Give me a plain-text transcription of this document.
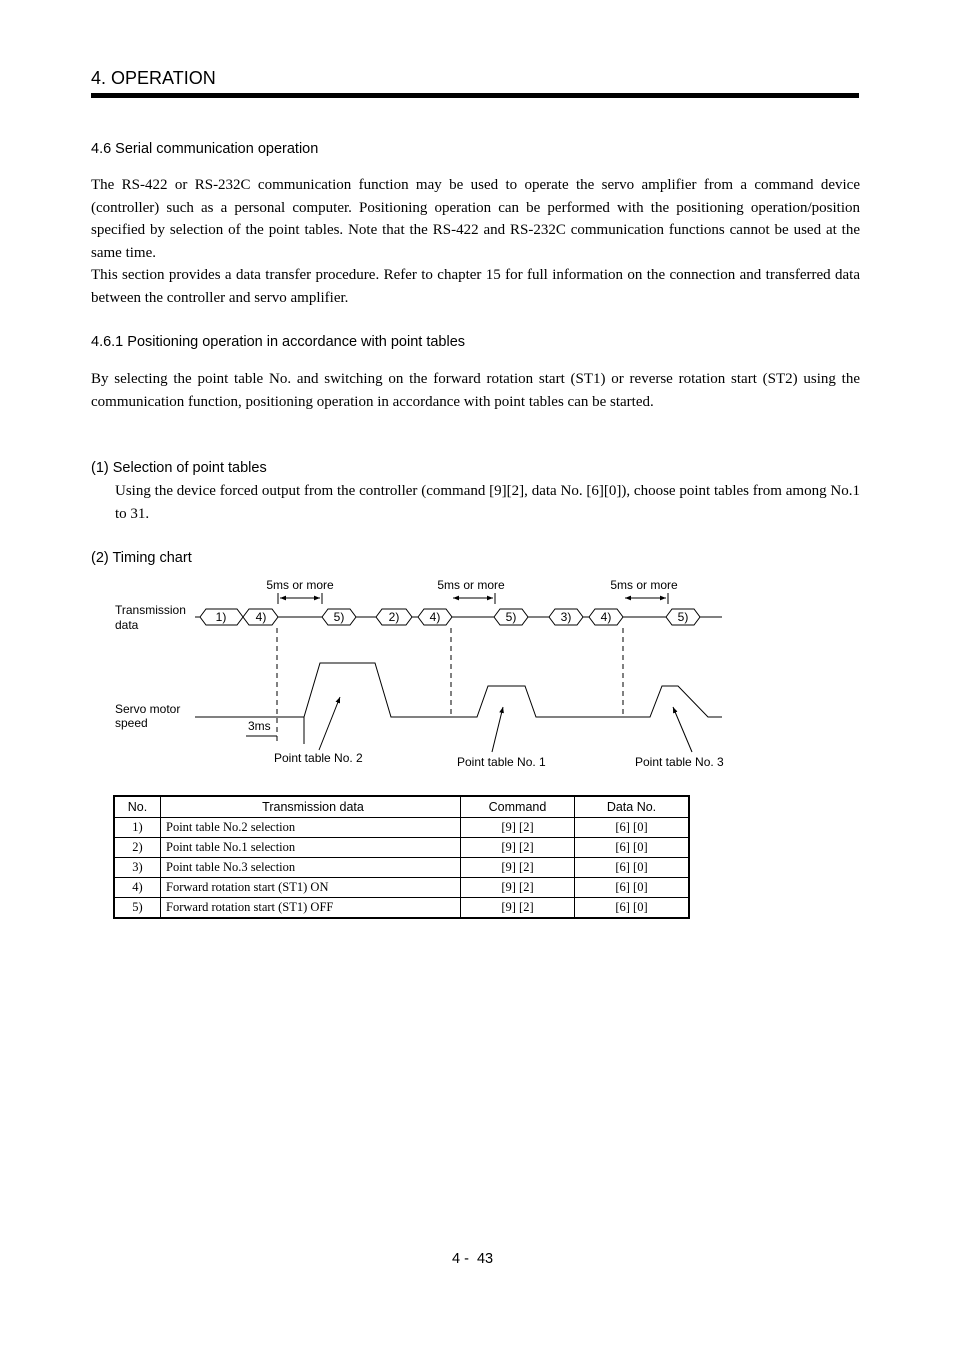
4. OPERATION
4.6 Serial communication operation

The RS-422 or RS-232C communication function may be used to operate the servo amplifier from a command device (controller) such as a personal computer. Positioning operation can be performed with the positioning operation/position specified by selection of the point tables. Note that the RS-422 and RS-232C communication functions cannot be used at the same time.

This section provides a data transfer procedure. Refer to chapter 15 for full information on the connection and transferred data between the controller and servo amplifier.

4.6.1 Positioning operation in accordance with point tables

By selecting the point table No. and switching on the forward rotation start (ST1) or reverse rotation start (ST2) using the communication function, positioning operation in accordance with point tables can be started.

(1) Selection of point tables

Using the device forced output from the controller (command [9][2], data No. [6][0]), choose point tables from among No.1 to 31.

(2) Timing chart
5ms or more	5ms or more	5ms or more
Transmission
data
Servo motor
speed
1) 4)	5)	2)	4)	5)	3) 4)	5)
3ms
Point table No. 2	Point table No. 1	Point table No. 3
No.	Transmission data	Command	Data No.
1)	Point table No.2 selection	[9] [2]	[6] [0]
2)	Point table No.1 selection	[9] [2]	[6] [0]
3)	Point table No.3 selection	[9] [2]	[6] [0]
4)	Forward rotation start (ST1) ON	[9] [2]	[6] [0]
5)	Forward rotation start (ST1) OFF	[9] [2]	[6] [0]
4 -  43
